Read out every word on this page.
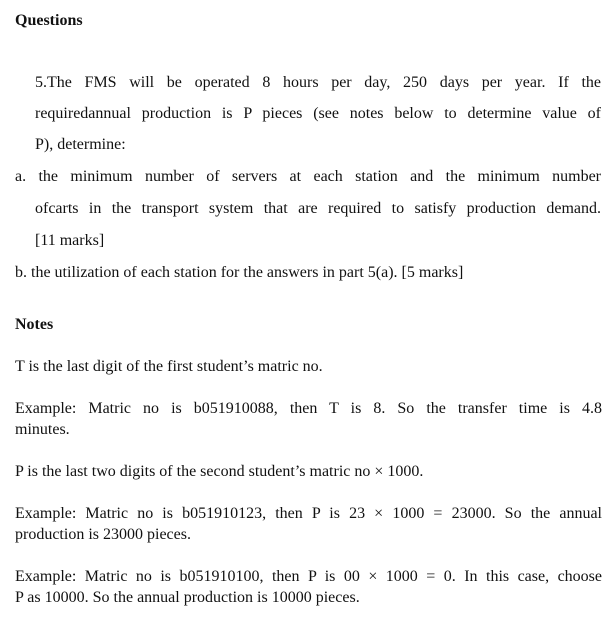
Questions
5.The FMS will be operated 8 hours per day, 250 days per year. If the
requiredannual production is P pieces (see notes below to determine value of
P), determine:
a. the minimum number of servers at each station and the minimum number
ofcarts in the transport system that are required to satisfy production demand.
[11 marks]
b. the utilization of each station for the answers in part 5(a). [5 marks]
Notes
T is the last digit of the first student’s matric no.
Example: Matric no is b051910088, then T is 8. So the transfer time is 4.8
minutes.
P is the last two digits of the second student’s matric no × 1000.
Example: Matric no is b051910123, then P is 23 × 1000 = 23000. So the annual
production is 23000 pieces.
Example: Matric no is b051910100, then P is 00 × 1000 = 0. In this case, choose
P as 10000. So the annual production is 10000 pieces.
